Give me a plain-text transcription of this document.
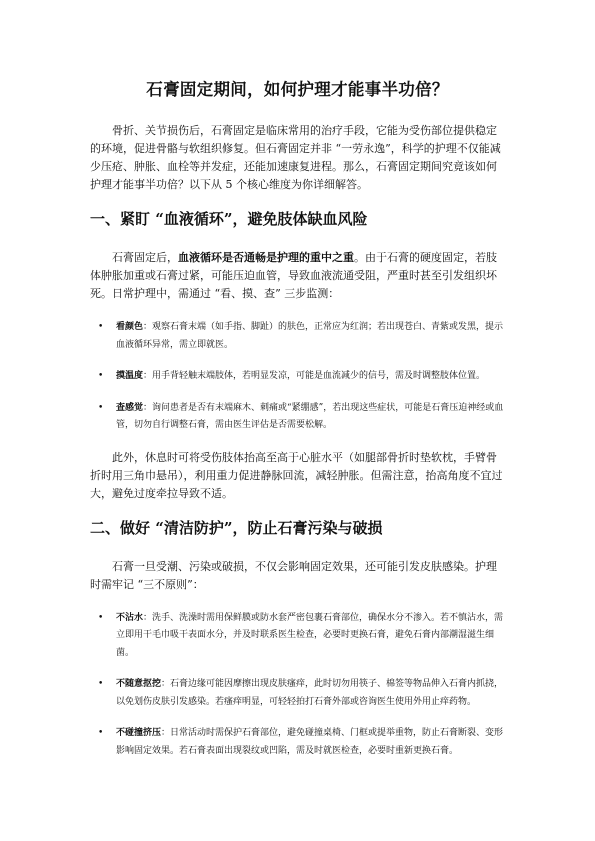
石膏固定期间，如何护理才能事半功倍？

骨折、关节损伤后，石膏固定是临床常用的治疗手段，它能为受伤部位提供稳定的环境，促进骨骼与软组织修复。但石膏固定并非 “一劳永逸”，科学的护理不仅能减少压疮、肿胀、血栓等并发症，还能加速康复进程。那么，石膏固定期间究竟该如何护理才能事半功倍？以下从 5 个核心维度为你详细解答。

一、紧盯 “血液循环”，避免肢体缺血风险

石膏固定后，血液循环是否通畅是护理的重中之重。由于石膏的硬度固定，若肢体肿胀加重或石膏过紧，可能压迫血管，导致血液流通受阻，严重时甚至引发组织坏死。日常护理中，需通过 “看、摸、查” 三步监测：

• 看颜色：观察石膏末端（如手指、脚趾）的肤色，正常应为红润；若出现苍白、青紫或发黑，提示血液循环异常，需立即就医。
• 摸温度：用手背轻触末端肢体，若明显发凉，可能是血流减少的信号，需及时调整肢体位置。
• 查感觉：询问患者是否有末端麻木、刺痛或“紧绷感”，若出现这些症状，可能是石膏压迫神经或血管，切勿自行调整石膏，需由医生评估是否需要松解。

此外，休息时可将受伤肢体抬高至高于心脏水平（如腿部骨折时垫软枕，手臂骨折时用三角巾悬吊），利用重力促进静脉回流，减轻肿胀。但需注意，抬高角度不宜过大，避免过度牵拉导致不适。

二、做好 “清洁防护”，防止石膏污染与破损

石膏一旦受潮、污染或破损，不仅会影响固定效果，还可能引发皮肤感染。护理时需牢记 “三不原则”：

• 不沾水：洗手、洗澡时需用保鲜膜或防水套严密包裹石膏部位，确保水分不渗入。若不慎沾水，需立即用干毛巾吸干表面水分，并及时联系医生检查，必要时更换石膏，避免石膏内部潮湿滋生细菌。
• 不随意抠挖：石膏边缘可能因摩擦出现皮肤瘙痒，此时切勿用筷子、棉签等物品伸入石膏内抓挠，以免划伤皮肤引发感染。若瘙痒明显，可轻轻拍打石膏外部或咨询医生使用外用止痒药物。
• 不碰撞挤压：日常活动时需保护石膏部位，避免碰撞桌椅、门框或提举重物，防止石膏断裂、变形影响固定效果。若石膏表面出现裂纹或凹陷，需及时就医检查，必要时重新更换石膏。
